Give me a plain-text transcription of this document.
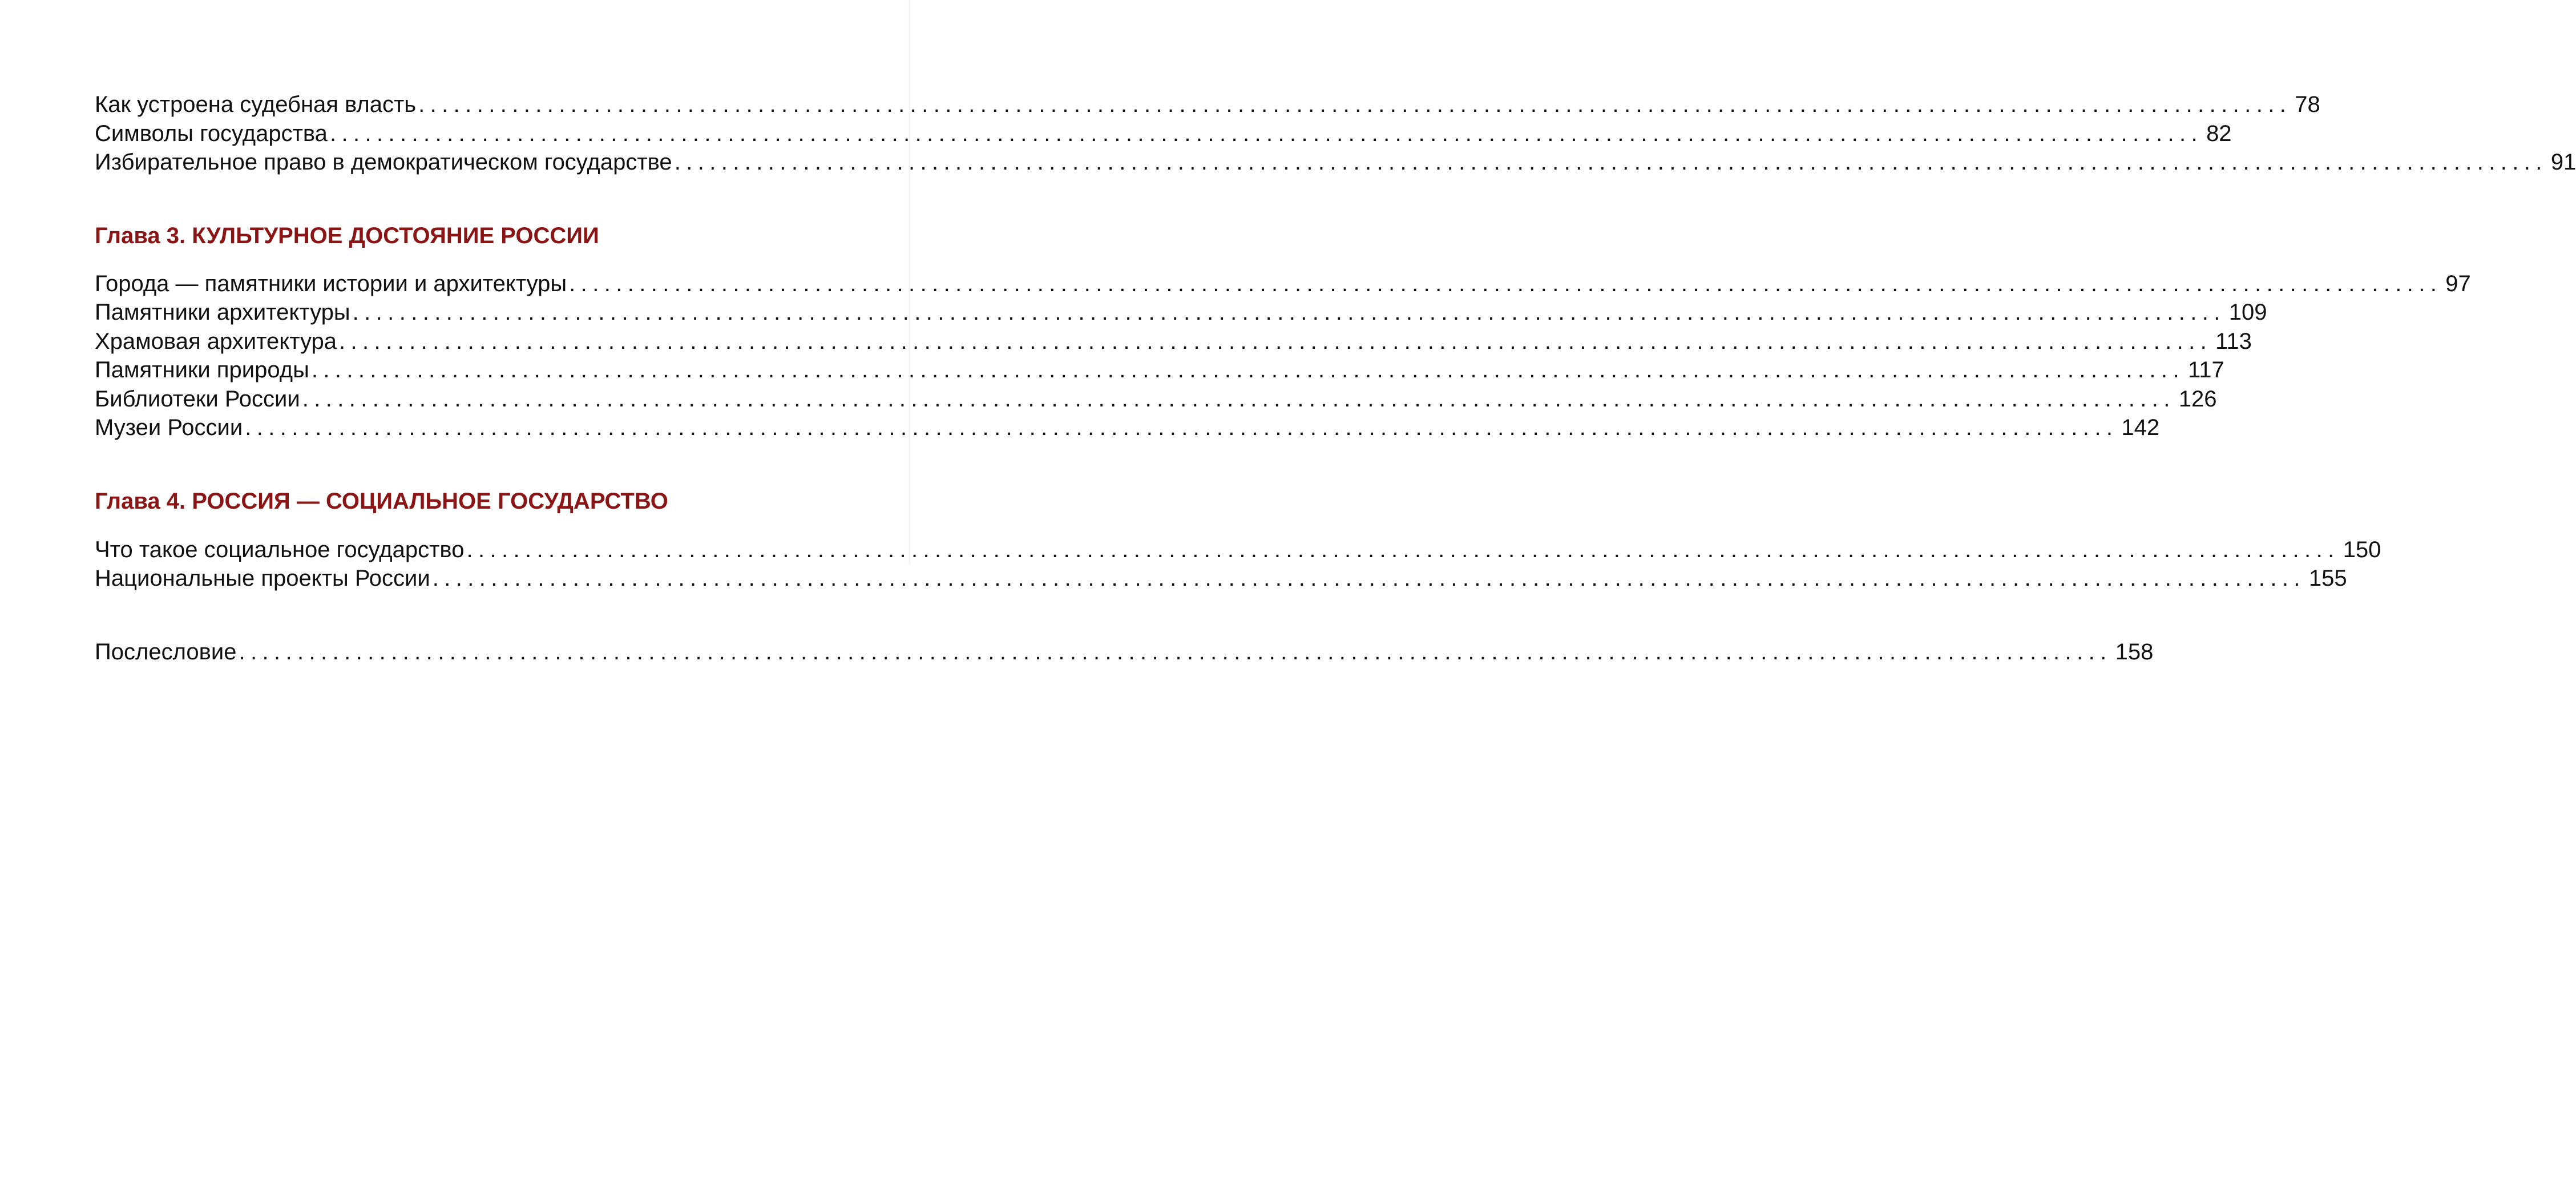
Как устроена судебная власть ................................................................................................................................................................ 78
Символы государства ................................................................................................................................................................ 82
Избирательное право в демократическом государстве ................................................................................................................................................................ 91
Глава 3. КУЛЬТУРНОЕ ДОСТОЯНИЕ РОССИИ
Города — памятники истории и архитектуры ................................................................................................................................................................ 97
Памятники архитектуры ................................................................................................................................................................ 109
Храмовая архитектура ................................................................................................................................................................ 113
Памятники природы ................................................................................................................................................................ 117
Библиотеки России ................................................................................................................................................................ 126
Музеи России ................................................................................................................................................................ 142
Глава 4. РОССИЯ — СОЦИАЛЬНОЕ ГОСУДАРСТВО
Что такое социальное государство ................................................................................................................................................................ 150
Национальные проекты России ................................................................................................................................................................ 155
Послесловие ................................................................................................................................................................ 158
